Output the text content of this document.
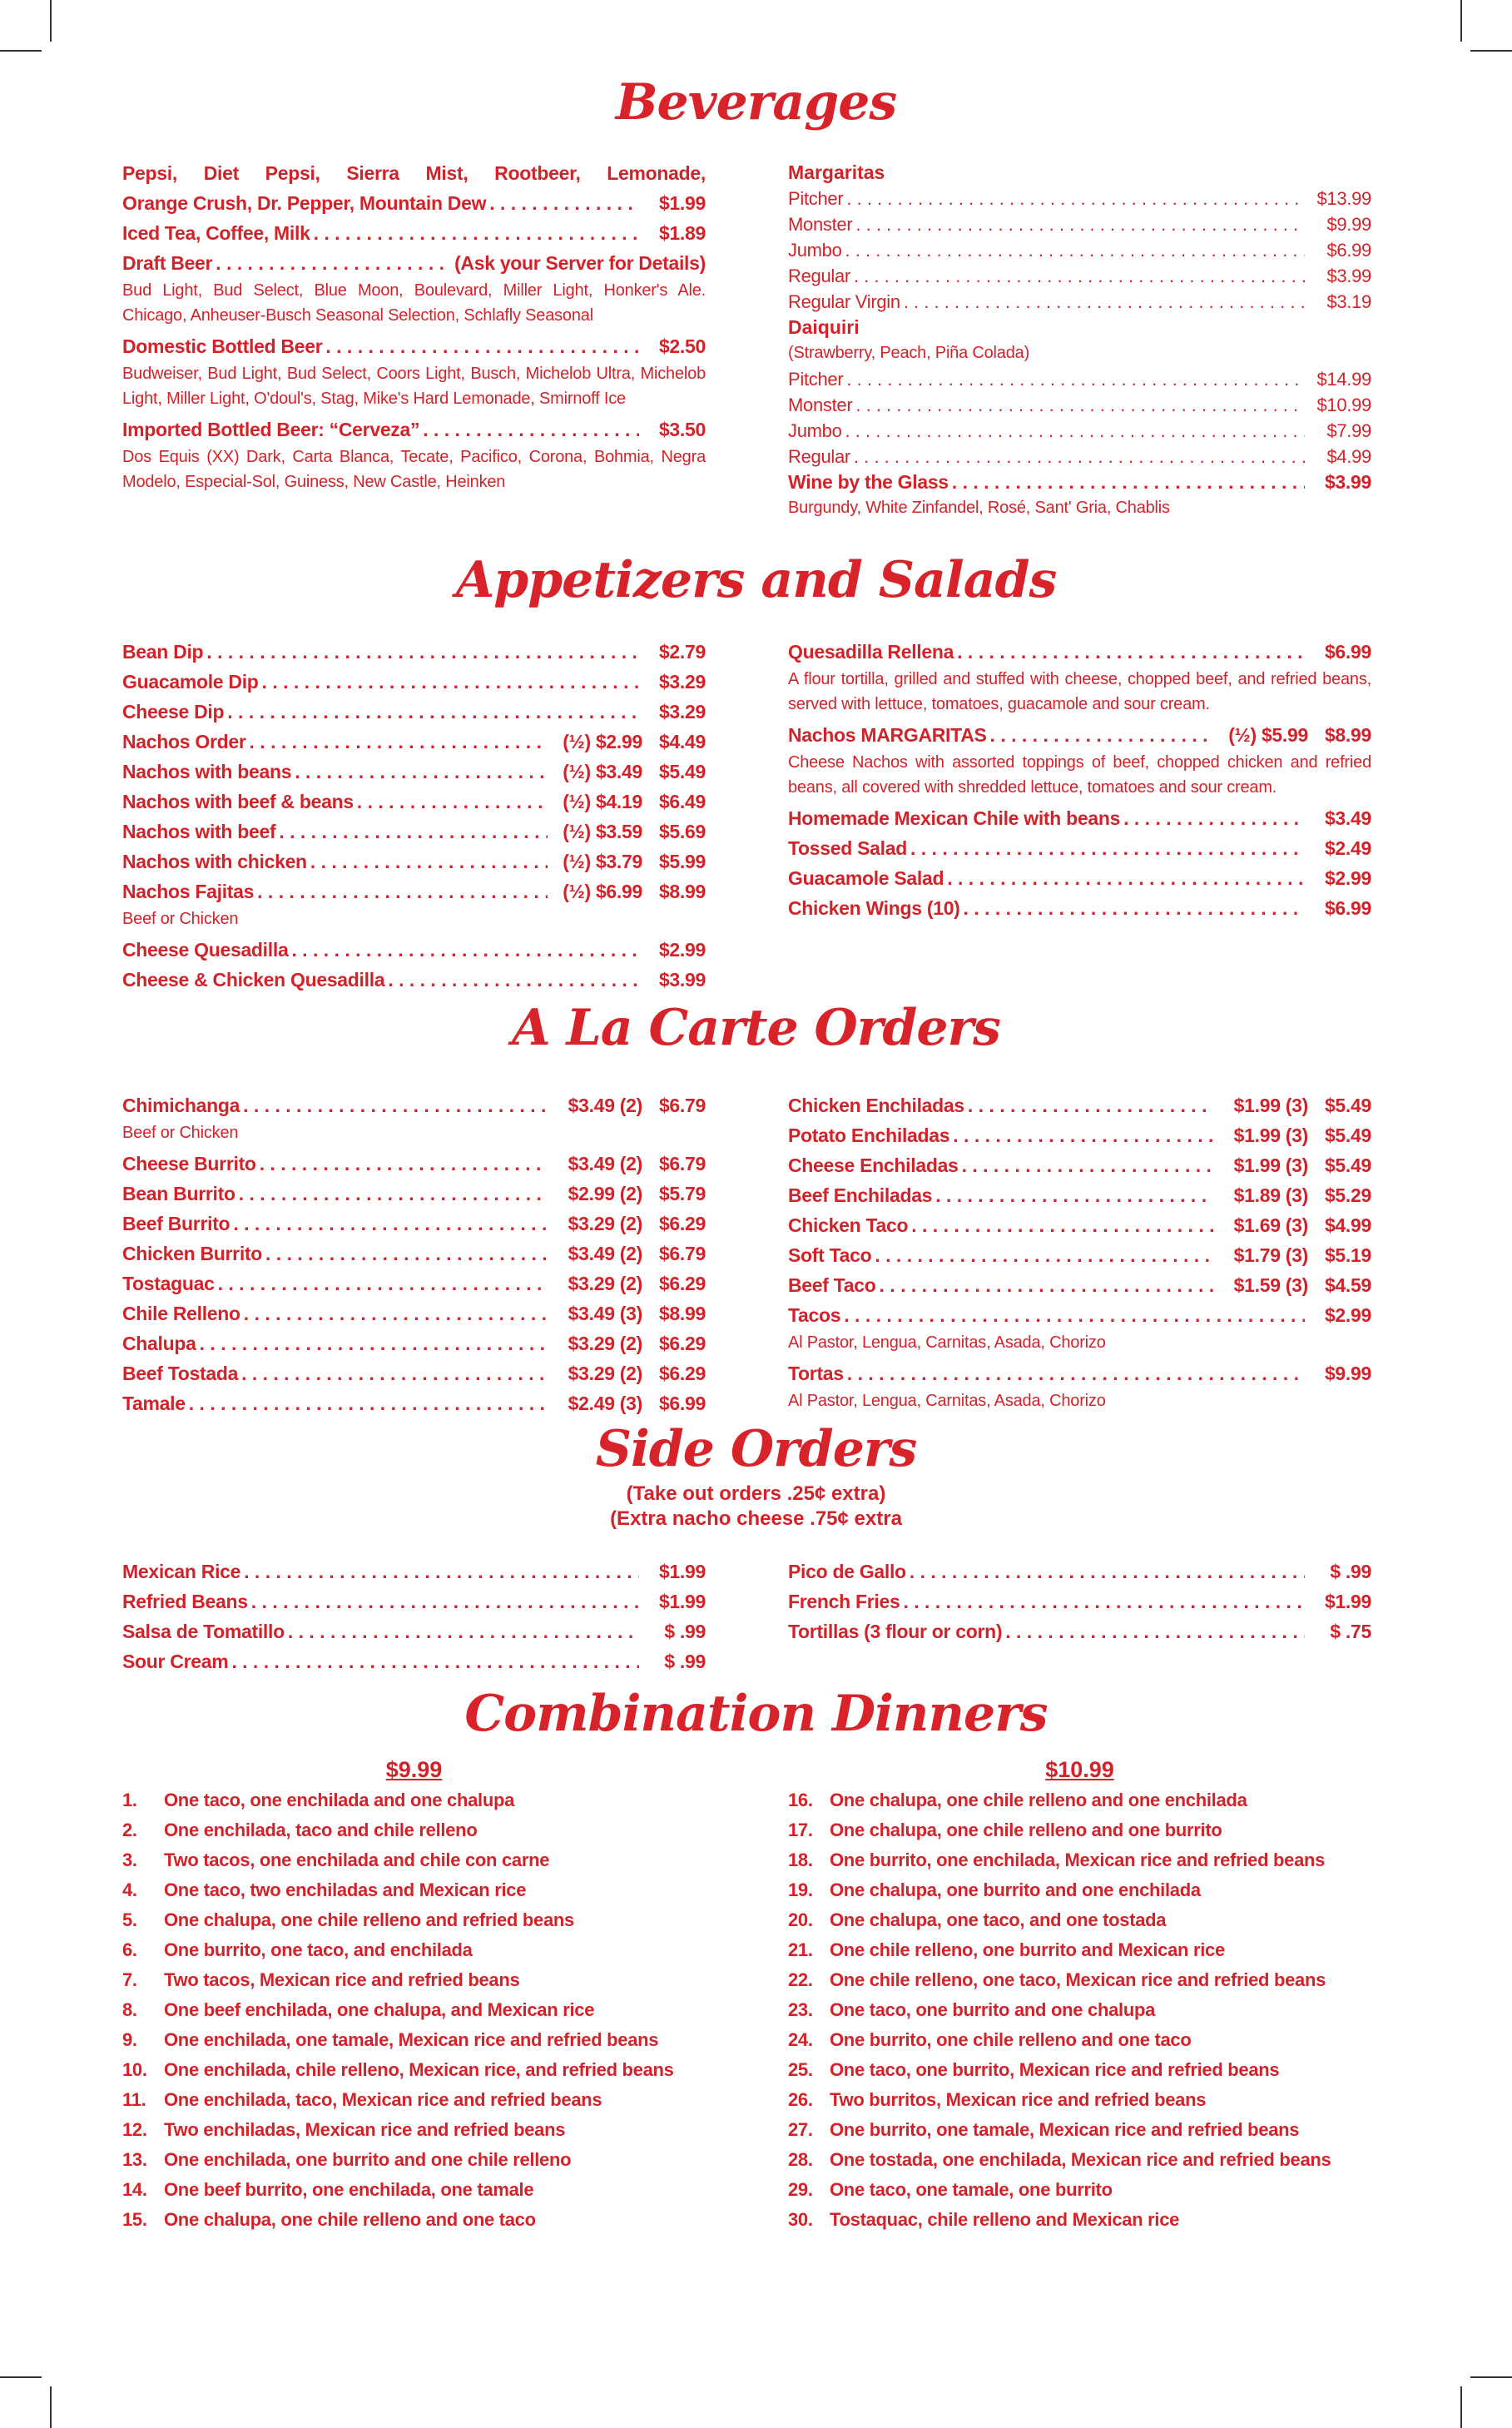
Beverages
Pepsi, Diet Pepsi, Sierra Mist, Rootbeer, Lemonade,
Orange Crush, Dr. Pepper, Mountain Dew . . .	$1.99
Iced Tea, Coffee, Milk . . .	$1.89
Draft Beer . . .	(Ask your Server for Details)
Bud Light, Bud Select, Blue Moon, Boulevard, Miller Light, Honker's Ale. Chicago, Anheuser-Busch Seasonal Selection, Schlafly Seasonal
Domestic Bottled Beer . . .	$2.50
Budweiser, Bud Light, Bud Select, Coors Light, Busch, Michelob Ultra, Michelob Light, Miller Light, O'doul's, Stag, Mike's Hard Lemonade, Smirnoff Ice
Imported Bottled Beer: “Cerveza” . . .	$3.50
Dos Equis (XX) Dark, Carta Blanca, Tecate, Pacifico, Corona, Bohmia, Negra Modelo, Especial-Sol, Guiness, New Castle, Heinken
Margaritas
Pitcher . . .	$13.99
Monster . . .	$9.99
Jumbo . . .	$6.99
Regular . . .	$3.99
Regular Virgin . . .	$3.19
Daiquiri
(Strawberry, Peach, Piña Colada)
Pitcher . . .	$14.99
Monster . . .	$10.99
Jumbo . . .	$7.99
Regular . . .	$4.99
Wine by the Glass . . .	$3.99
Burgundy, White Zinfandel, Rosé, Sant' Gria, Chablis
Appetizers and Salads
Bean Dip . . .	$2.79
Guacamole Dip . . .	$3.29
Cheese Dip . . .	$3.29
Nachos Order . . .	(½) $2.99 $4.49
Nachos with beans . . .	(½) $3.49 $5.49
Nachos with beef & beans . . .	(½) $4.19 $6.49
Nachos with beef . . .	(½) $3.59 $5.69
Nachos with chicken . . .	(½) $3.79 $5.99
Nachos Fajitas . . .	(½) $6.99 $8.99
Beef or Chicken
Cheese Quesadilla . . .	$2.99
Cheese & Chicken Quesadilla . . .	$3.99
Quesadilla Rellena . . .	$6.99
A flour tortilla, grilled and stuffed with cheese, chopped beef, and refried beans, served with lettuce, tomatoes, guacamole and sour cream.
Nachos MARGARITAS . . .	(½) $5.99 $8.99
Cheese Nachos with assorted toppings of beef, chopped chicken and refried beans, all covered with shredded lettuce, tomatoes and sour cream.
Homemade Mexican Chile with beans . . .	$3.49
Tossed Salad . . .	$2.49
Guacamole Salad . . .	$2.99
Chicken Wings (10) . . .	$6.99
A La Carte Orders
Chimichanga . . .	$3.49 (2) $6.79
Beef or Chicken
Cheese Burrito . . .	$3.49 (2) $6.79
Bean Burrito . . .	$2.99 (2) $5.79
Beef Burrito . . .	$3.29 (2) $6.29
Chicken Burrito . . .	$3.49 (2) $6.79
Tostaguac . . .	$3.29 (2) $6.29
Chile Relleno . . .	$3.49 (3) $8.99
Chalupa . . .	$3.29 (2) $6.29
Beef Tostada . . .	$3.29 (2) $6.29
Tamale . . .	$2.49 (3) $6.99
Chicken Enchiladas . . .	$1.99 (3) $5.49
Potato Enchiladas . . .	$1.99 (3) $5.49
Cheese Enchiladas . . .	$1.99 (3) $5.49
Beef Enchiladas . . .	$1.89 (3) $5.29
Chicken Taco . . .	$1.69 (3) $4.99
Soft Taco . . .	$1.79 (3) $5.19
Beef Taco . . .	$1.59 (3) $4.59
Tacos . . .	$2.99
Al Pastor, Lengua, Carnitas, Asada, Chorizo
Tortas . . .	$9.99
Al Pastor, Lengua, Carnitas, Asada, Chorizo
Side Orders
(Take out orders .25¢ extra)
(Extra nacho cheese .75¢ extra
Mexican Rice . . .	$1.99
Refried Beans . . .	$1.99
Salsa de Tomatillo . . .	$ .99
Sour Cream . . .	$ .99
Pico de Gallo . . .	$ .99
French Fries . . .	$1.99
Tortillas (3 flour or corn) . . .	$ .75
Combination Dinners
$9.99
1.	One taco, one enchilada and one chalupa
2.	One enchilada, taco and chile relleno
3.	Two tacos, one enchilada and chile con carne
4.	One taco, two enchiladas and Mexican rice
5.	One chalupa, one chile relleno and refried beans
6.	One burrito, one taco, and enchilada
7.	Two tacos, Mexican rice and refried beans
8.	One beef enchilada, one chalupa, and Mexican rice
9.	One enchilada, one tamale, Mexican rice and refried beans
10. One enchilada, chile relleno, Mexican rice, and refried beans
11. One enchilada, taco, Mexican rice and refried beans
12. Two enchiladas, Mexican rice and refried beans
13. One enchilada, one burrito and one chile relleno
14. One beef burrito, one enchilada, one tamale
15. One chalupa, one chile relleno and one taco
$10.99
16. One chalupa, one chile relleno and one enchilada
17. One chalupa, one chile relleno and one burrito
18. One burrito, one enchilada, Mexican rice and refried beans
19. One chalupa, one burrito and one enchilada
20. One chalupa, one taco, and one tostada
21. One chile relleno, one burrito and Mexican rice
22. One chile relleno, one taco, Mexican rice and refried beans
23. One taco, one burrito and one chalupa
24. One burrito, one chile relleno and one taco
25. One taco, one burrito, Mexican rice and refried beans
26. Two burritos, Mexican rice and refried beans
27. One burrito, one tamale, Mexican rice and refried beans
28. One tostada, one enchilada, Mexican rice and refried beans
29. One taco, one tamale, one burrito
30. Tostaquac, chile relleno and Mexican rice
